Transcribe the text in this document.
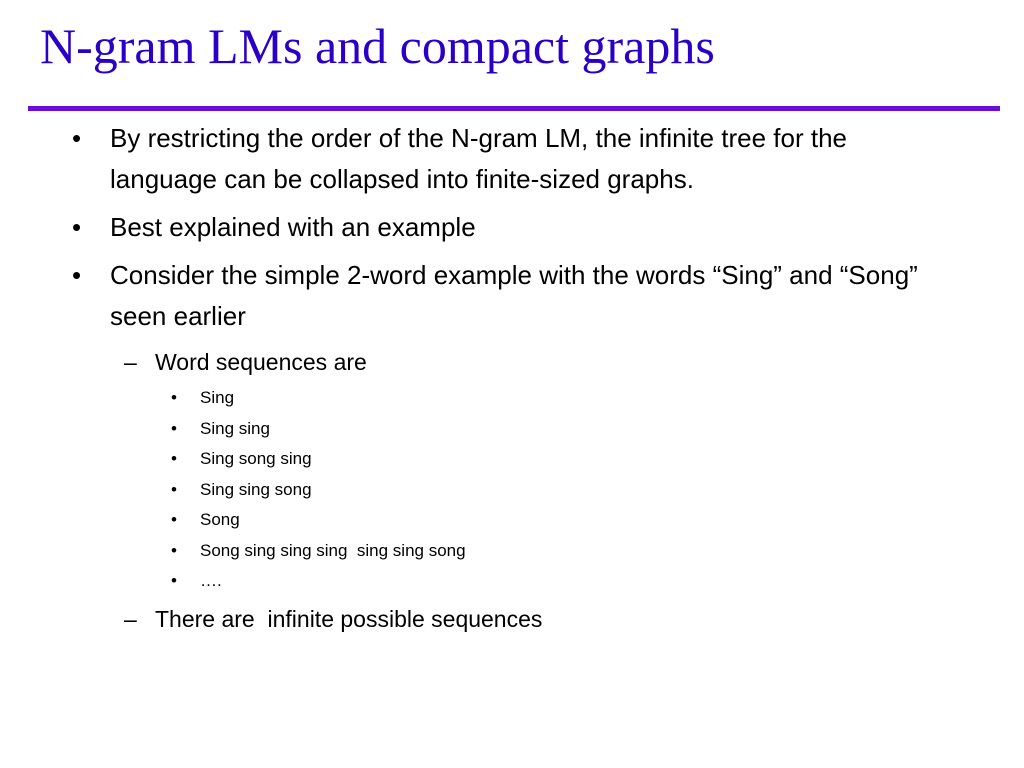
N-gram LMs and compact graphs
• By restricting the order of the N-gram LM, the infinite tree for the language can be collapsed into finite-sized graphs.
• Best explained with an example
• Consider the simple 2-word example with the words “Sing” and “Song” seen earlier
– Word sequences are
• Sing
• Sing sing
• Sing song sing
• Sing sing song
• Song
• Song sing sing sing  sing sing song
• ….
– There are  infinite possible sequences
